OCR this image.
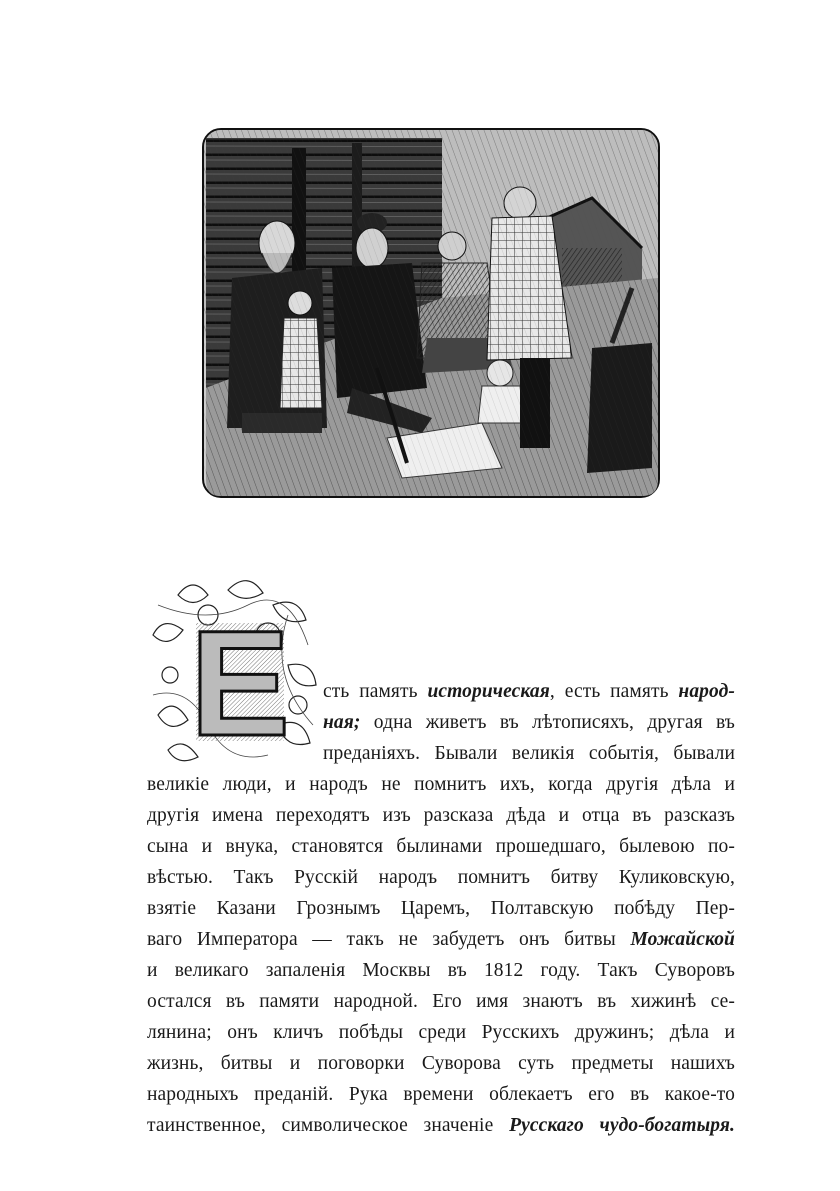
Е сть память историческая, есть память народ-
ная; одна живетъ въ лѣтописяхъ, другая въ
преданіяхъ. Бывали великія событія, бывали
великіе люди, и народъ не помнитъ ихъ, когда другія дѣла и
другія имена переходятъ изъ разсказа дѣда и отца въ разсказъ
сына и внука, становятся былинами прошедшаго, былевою по-
вѣстью. Такъ Русскій народъ помнитъ битву Куликовскую,
взятіе Казани Грознымъ Царемъ, Полтавскую побѣду Пер-
ваго Императора — такъ не забудетъ онъ битвы Можайской
и великаго запаленія Москвы въ 1812 году. Такъ Суворовъ
остался въ памяти народной. Его имя знаютъ въ хижинѣ се-
лянина; онъ кличъ побѣды среди Русскихъ дружинъ; дѣла и
жизнь, битвы и поговорки Суворова суть предметы нашихъ
народныхъ преданій. Рука времени облекаетъ его въ какое-то
таинственное, символическое значеніе Русскаго чудо-богатыря.
